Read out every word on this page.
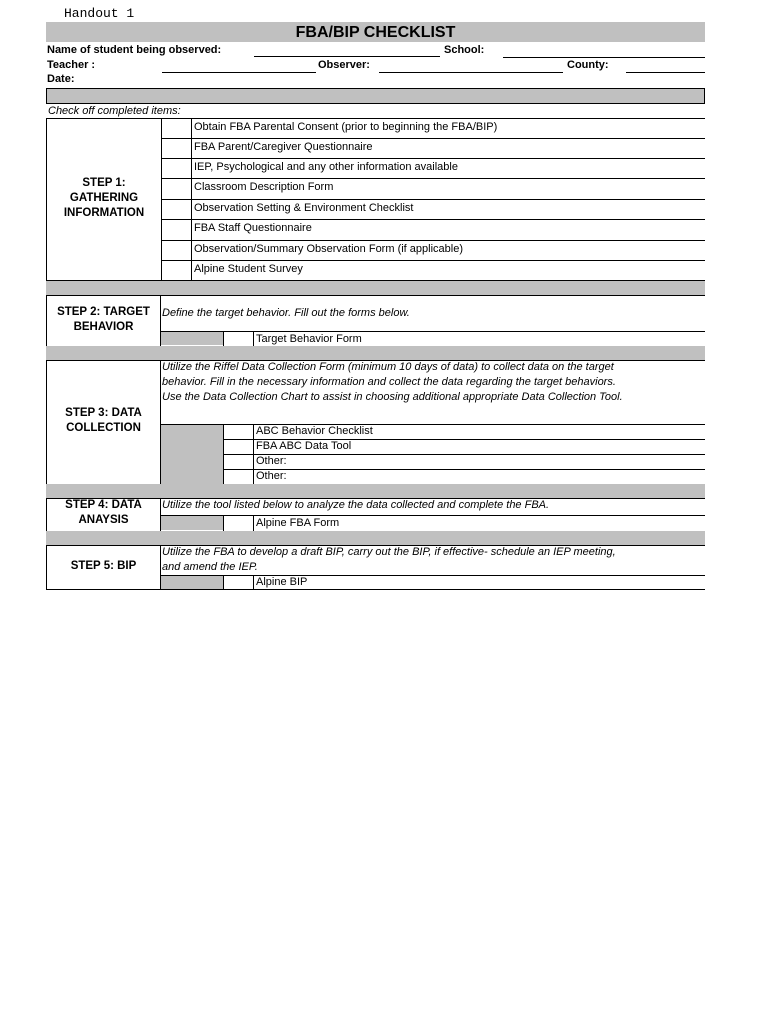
Handout 1
FBA/BIP CHECKLIST
Name of student being observed:	School:
Teacher :	Observer:	County:
Date:
Check off completed items:
STEP 1: GATHERING INFORMATION
Obtain FBA Parental Consent (prior to beginning the FBA/BIP)
FBA Parent/Caregiver Questionnaire
IEP, Psychological and any other information available
Classroom Description Form
Observation Setting & Environment Checklist
FBA Staff Questionnaire
Observation/Summary Observation Form (if applicable)
Alpine Student Survey
STEP 2: TARGET BEHAVIOR
Define the target behavior. Fill out the forms below.
Target Behavior Form
STEP 3: DATA COLLECTION
Utilize the Riffel Data Collection Form (minimum 10 days of data) to collect data on the target
behavior. Fill in the necessary information and collect the data regarding the target behaviors.
Use the Data Collection Chart to assist in choosing additional appropriate Data Collection Tool.
ABC Behavior Checklist
FBA ABC Data Tool
Other:
Other:
STEP 4: DATA ANAYSIS
Utilize the tool listed below to analyze the data collected and complete the FBA.
Alpine FBA Form
STEP 5: BIP
Utilize the FBA to develop a draft BIP, carry out the BIP, if effective- schedule an IEP meeting,
and amend the IEP.
Alpine BIP
